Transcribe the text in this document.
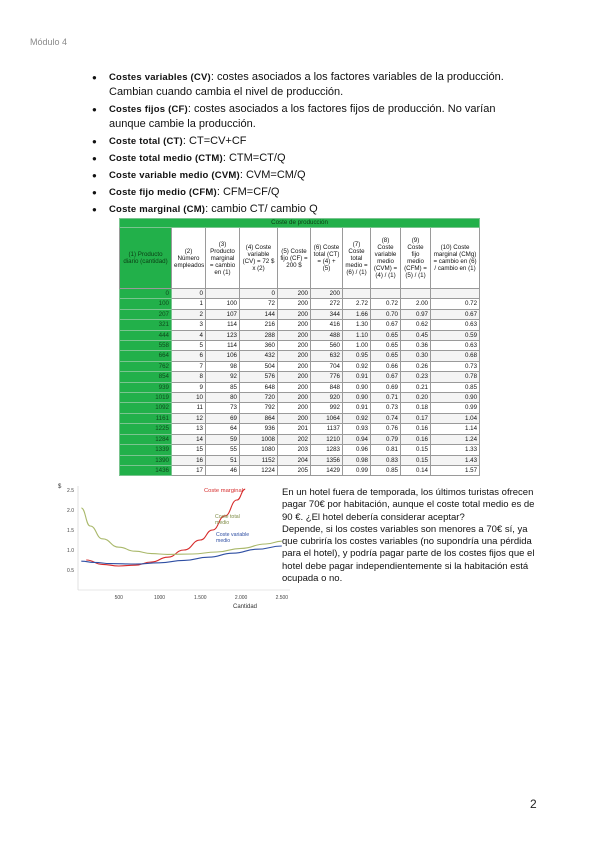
Módulo 4
● Costes variables (CV): costes asociados a los factores variables de la producción. Cambian cuando cambia el nivel de producción.
● Costes fijos (CF): costes asociados a los factores fijos de producción. No varían aunque cambie la producción.
● Coste total (CT): CT=CV+CF
● Coste total medio (CTM): CTM=CT/Q
● Coste variable medio (CVM): CVM=CM/Q
● Coste fijo medio (CFM): CFM=CF/Q
● Coste marginal (CM): cambio CT/ cambio Q
Coste de producción									
(1) Producto diario (cantidad)	(2) Número empleados	(3) Producto marginal = cambio en (1)	(4) Coste variable (CV) = 72 $ x (2)	(5) Coste fijo (CF) = 200 $	(6) Coste total (CT) = (4) + (5)	(7) Coste total medio = (6) / (1)	(8) Coste variable medio (CVM) = (4) / (1)	(9) Coste fijo medio (CFM) = (5) / (1)	(10) Coste marginal (CMg) = cambio en (6) / cambio en (1)
0	0		0	200	200				
100	1	100	72	200	272	2.72	0.72	2.00	0.72
207	2	107	144	200	344	1.66	0.70	0.97	0.67
321	3	114	216	200	416	1.30	0.67	0.62	0.63
444	4	123	288	200	488	1.10	0.65	0.45	0.59
558	5	114	360	200	560	1.00	0.65	0.36	0.63
664	6	106	432	200	632	0.95	0.65	0.30	0.68
762	7	98	504	200	704	0.92	0.66	0.26	0.73
854	8	92	576	200	776	0.91	0.67	0.23	0.78
939	9	85	648	200	848	0.90	0.69	0.21	0.85
1019	10	80	720	200	920	0.90	0.71	0.20	0.90
1092	11	73	792	200	992	0.91	0.73	0.18	0.99
1161	12	69	864	200	1064	0.92	0.74	0.17	1.04
1225	13	64	936	201	1137	0.93	0.76	0.16	1.14
1284	14	59	1008	202	1210	0.94	0.79	0.16	1.24
1339	15	55	1080	203	1283	0.96	0.81	0.15	1.33
1390	16	51	1152	204	1356	0.98	0.83	0.15	1.43
1436	17	46	1224	205	1429	0.99	0.85	0.14	1.57
500	1000	1.500	2.000	2.500
2.5
2.0
1.5
1.0
0.5
$
Cantidad
Coste marginal
Coste total medio
Coste variable medio

En un hotel fuera de temporada, los últimos turistas ofrecen pagar 70€ por habitación, aunque el coste total medio es de 90 €. ¿El hotel debería considerar aceptar?

Depende, si los costes variables son menores a 70€ sí, ya que cubriría los costes variables (no supondría una pérdida para el hotel), y podría pagar parte de los costes fijos que el hotel debe pagar independientemente si la habitación está ocupada o no.

2
